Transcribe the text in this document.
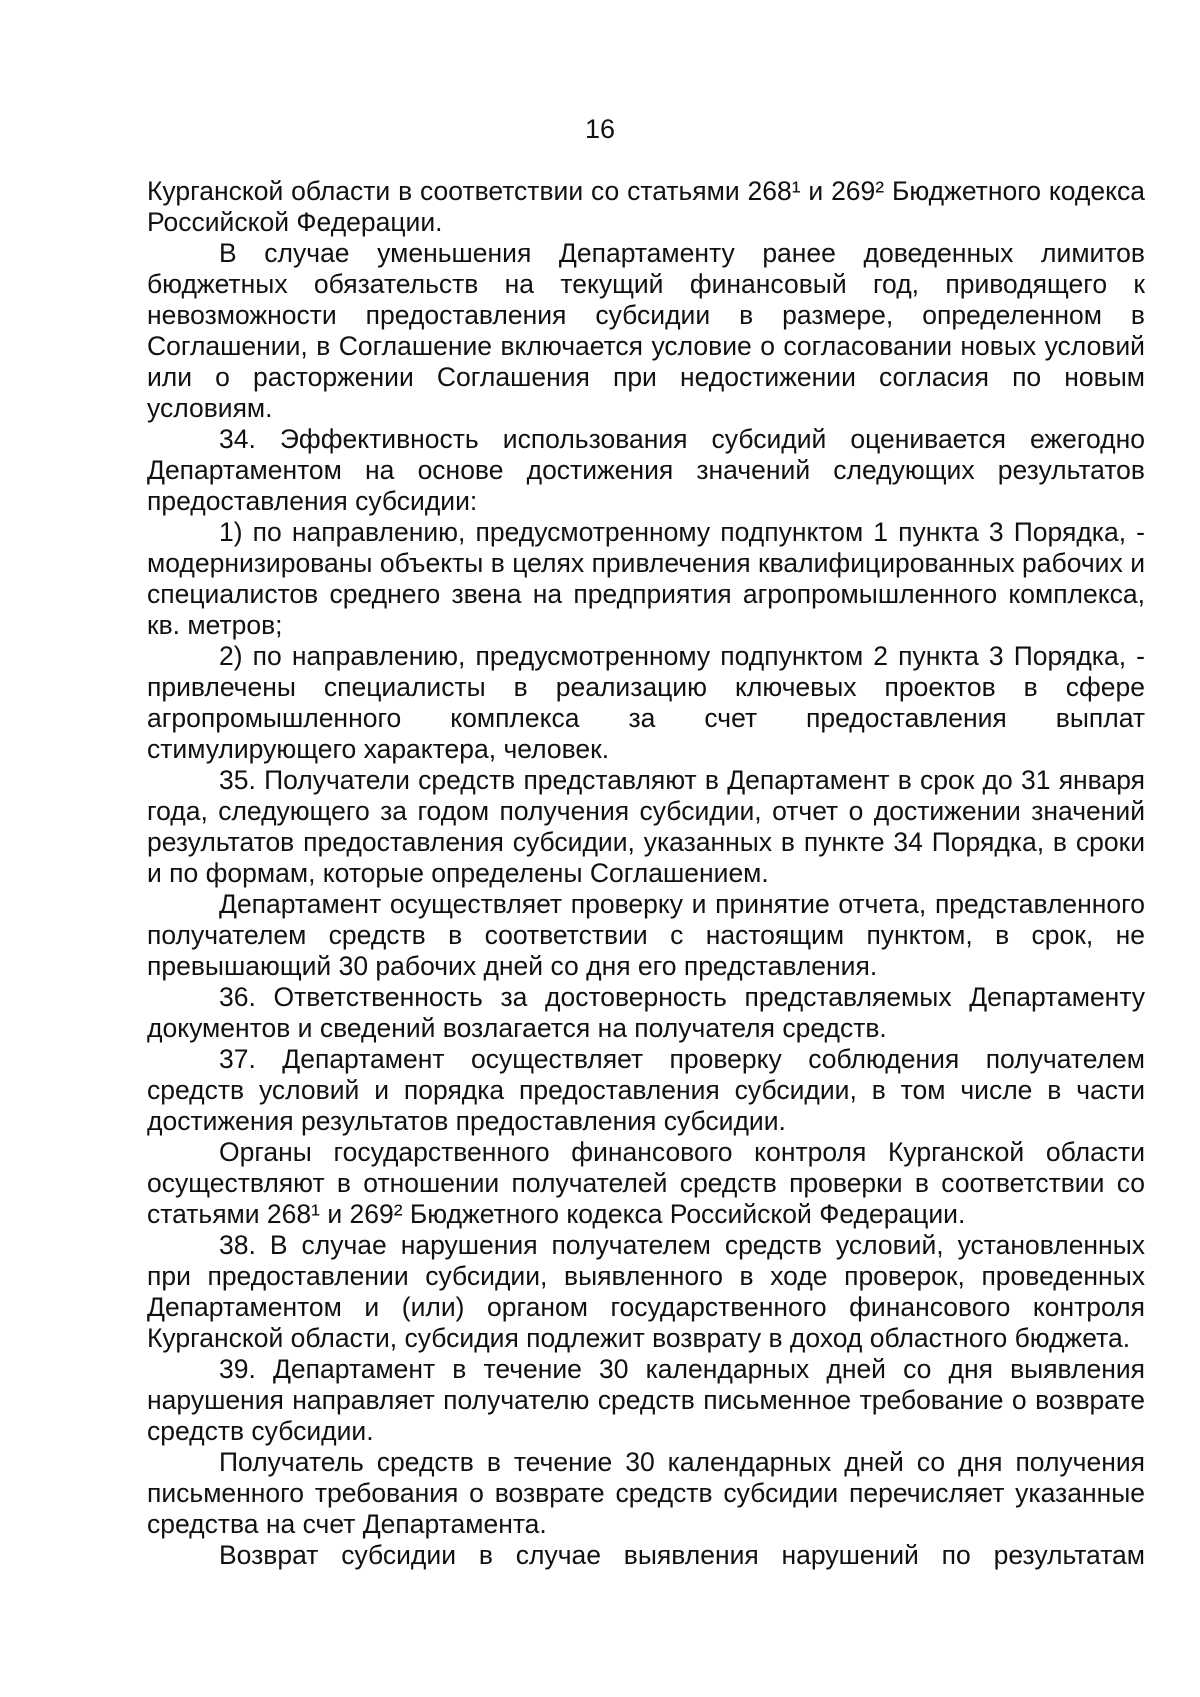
16

Курганской области в соответствии со статьями 268¹ и 269² Бюджетного кодекса Российской Федерации.

В случае уменьшения Департаменту ранее доведенных лимитов бюджетных обязательств на текущий финансовый год, приводящего к невозможности предоставления субсидии в размере, определенном в Соглашении, в Соглашение включается условие о согласовании новых условий или о расторжении Соглашения при недостижении согласия по новым условиям.

34. Эффективность использования субсидий оценивается ежегодно Департаментом на основе достижения значений следующих результатов предоставления субсидии:

1) по направлению, предусмотренному подпунктом 1 пункта 3 Порядка, - модернизированы объекты в целях привлечения квалифицированных рабочих и специалистов среднего звена на предприятия агропромышленного комплекса, кв. метров;

2) по направлению, предусмотренному подпунктом 2 пункта 3 Порядка, - привлечены специалисты в реализацию ключевых проектов в сфере агропромышленного комплекса за счет предоставления выплат стимулирующего характера, человек.

35. Получатели средств представляют в Департамент в срок до 31 января года, следующего за годом получения субсидии, отчет о достижении значений результатов предоставления субсидии, указанных в пункте 34 Порядка, в сроки и по формам, которые определены Соглашением.

Департамент осуществляет проверку и принятие отчета, представленного получателем средств в соответствии с настоящим пунктом, в срок, не превышающий 30 рабочих дней со дня его представления.

36. Ответственность за достоверность представляемых Департаменту документов и сведений возлагается на получателя средств.

37. Департамент осуществляет проверку соблюдения получателем средств условий и порядка предоставления субсидии, в том числе в части достижения результатов предоставления субсидии.

Органы государственного финансового контроля Курганской области осуществляют в отношении получателей средств проверки в соответствии со статьями 268¹ и 269² Бюджетного кодекса Российской Федерации.

38. В случае нарушения получателем средств условий, установленных при предоставлении субсидии, выявленного в ходе проверок, проведенных Департаментом и (или) органом государственного финансового контроля Курганской области, субсидия подлежит возврату в доход областного бюджета.

39. Департамент в течение 30 календарных дней со дня выявления нарушения направляет получателю средств письменное требование о возврате средств субсидии.

Получатель средств в течение 30 календарных дней со дня получения письменного требования о возврате средств субсидии перечисляет указанные средства на счет Департамента.

Возврат субсидии в случае выявления нарушений по результатам
